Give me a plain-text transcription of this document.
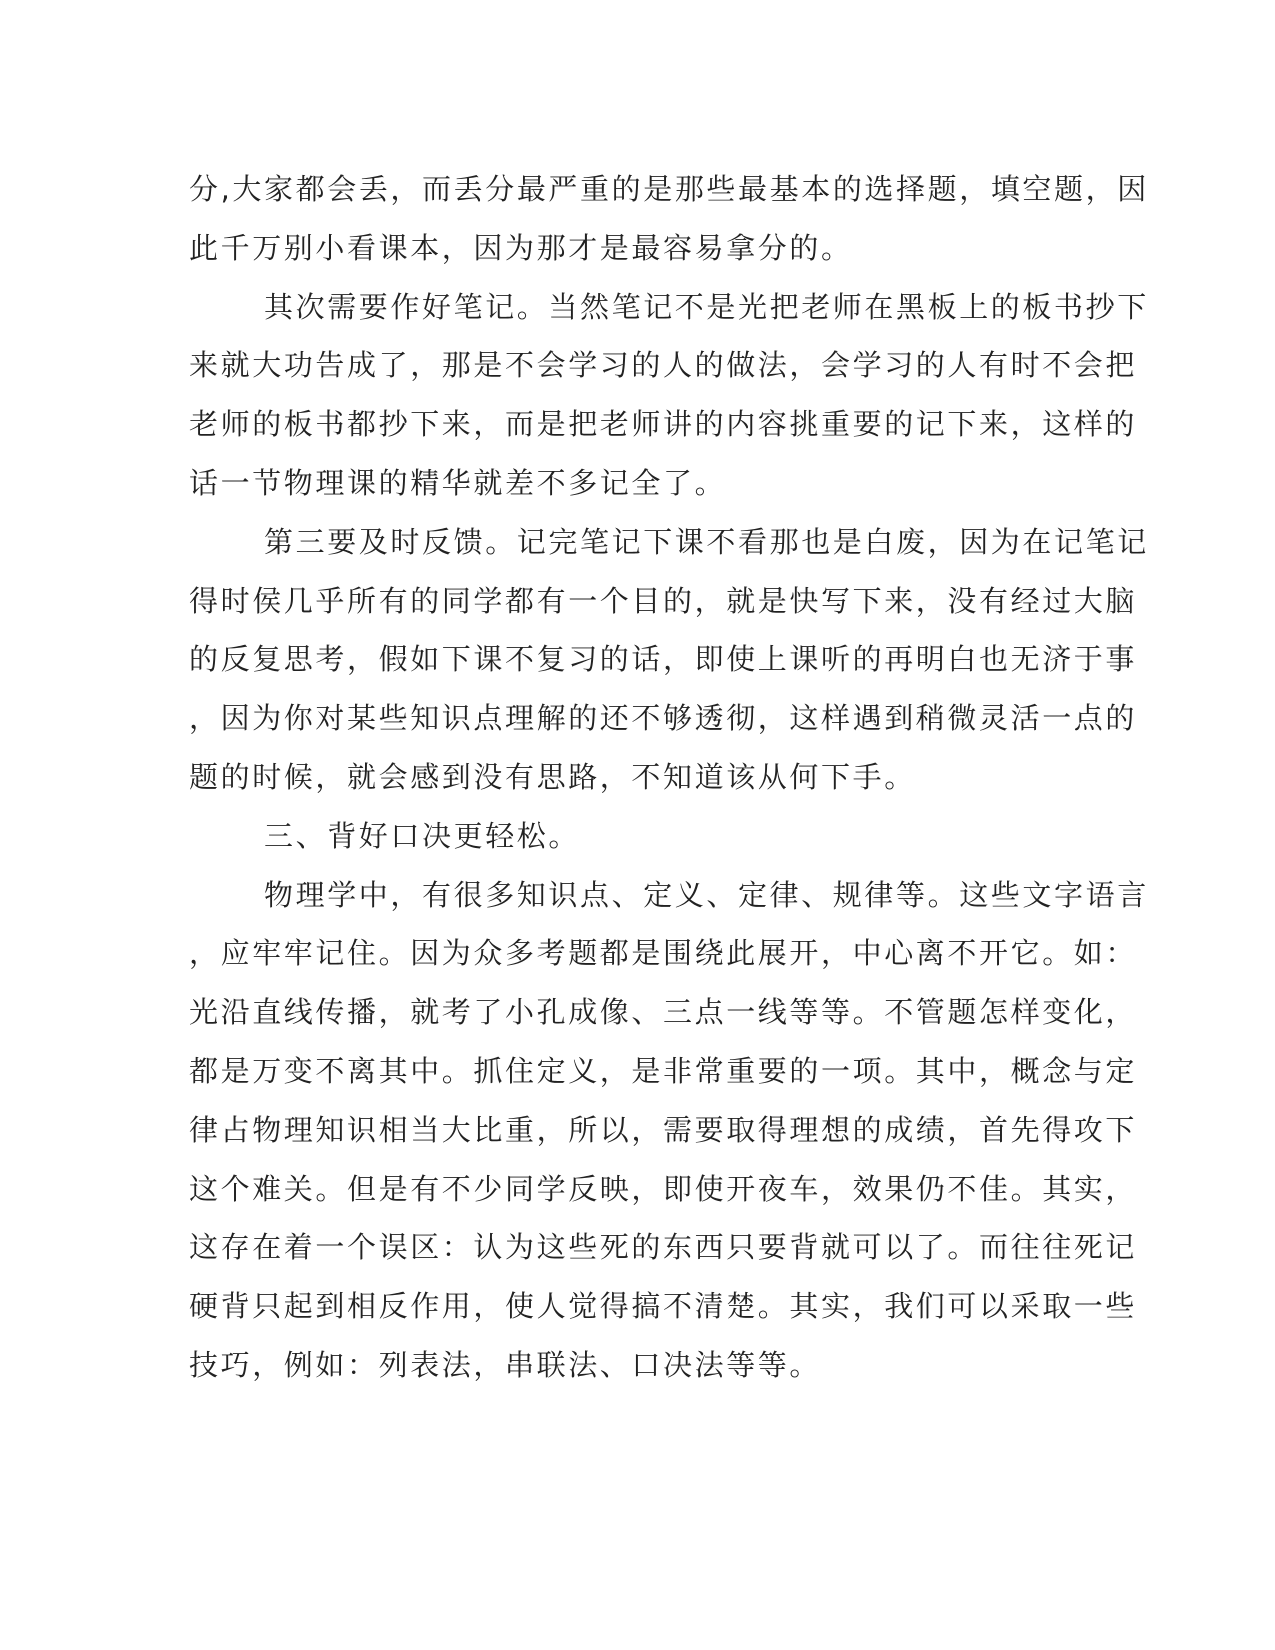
分,大家都会丢，而丢分最严重的是那些最基本的选择题，填空题，因
此千万别小看课本，因为那才是最容易拿分的。
其次需要作好笔记。当然笔记不是光把老师在黑板上的板书抄下
来就大功告成了，那是不会学习的人的做法，会学习的人有时不会把
老师的板书都抄下来，而是把老师讲的内容挑重要的记下来，这样的
话一节物理课的精华就差不多记全了。
第三要及时反馈。记完笔记下课不看那也是白废，因为在记笔记
得时侯几乎所有的同学都有一个目的，就是快写下来，没有经过大脑
的反复思考，假如下课不复习的话，即使上课听的再明白也无济于事
，因为你对某些知识点理解的还不够透彻，这样遇到稍微灵活一点的
题的时候，就会感到没有思路，不知道该从何下手。
三、背好口决更轻松。
物理学中，有很多知识点、定义、定律、规律等。这些文字语言
，应牢牢记住。因为众多考题都是围绕此展开，中心离不开它。如：
光沿直线传播，就考了小孔成像、三点一线等等。不管题怎样变化，
都是万变不离其中。抓住定义，是非常重要的一项。其中，概念与定
律占物理知识相当大比重，所以，需要取得理想的成绩，首先得攻下
这个难关。但是有不少同学反映，即使开夜车，效果仍不佳。其实，
这存在着一个误区：认为这些死的东西只要背就可以了。而往往死记
硬背只起到相反作用，使人觉得搞不清楚。其实，我们可以采取一些
技巧，例如：列表法，串联法、口决法等等。
